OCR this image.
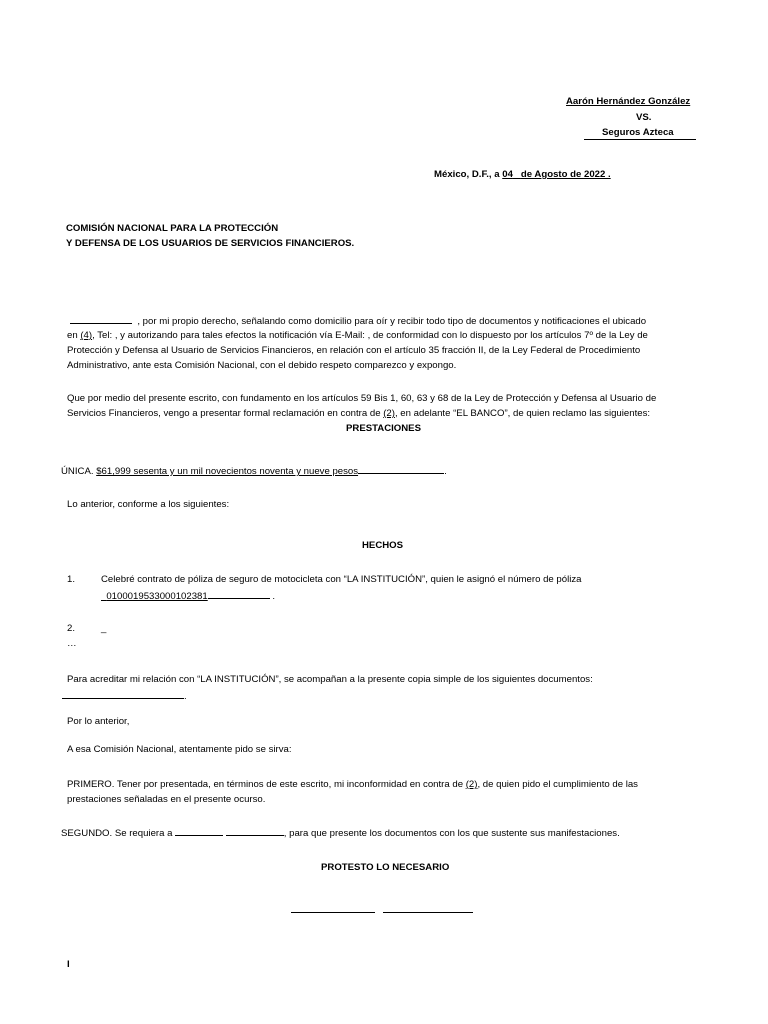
Aarón Hernández González
VS.
Seguros Azteca
México, D.F., a 04 de Agosto de 2022 .
COMISIÓN NACIONAL PARA LA PROTECCIÓN
Y DEFENSA DE LOS USUARIOS DE SERVICIOS FINANCIEROS.
, por mi propio derecho, señalando como domicilio para oír y recibir todo tipo de documentos y notificaciones el ubicado
en (4), Tel: , y autorizando para tales efectos la notificación vía E-Mail: , de conformidad con lo dispuesto por los artículos 7º de la Ley de
Protección y Defensa al Usuario de Servicios Financieros, en relación con el artículo 35 fracción II, de la Ley Federal de Procedimiento
Administrativo, ante esta Comisión Nacional, con el debido respeto comparezco y expongo.
Que por medio del presente escrito, con fundamento en los artículos 59 Bis 1, 60, 63 y 68 de la Ley de Protección y Defensa al Usuario de
Servicios Financieros, vengo a presentar formal reclamación en contra de (2), en adelante “EL BANCO”, de quien reclamo las siguientes:
PRESTACIONES
ÚNICA. $61,999 sesenta y un mil novecientos noventa y nueve pesos	.
Lo anterior, conforme a los siguientes:
HECHOS
1.	Celebré contrato de póliza de seguro de motocicleta con “LA INSTITUCIÓN”, quien le asignó el número de póliza
0100019533000102381	.
2.	_
…
Para acreditar mi relación con “LA INSTITUCIÓN”, se acompañan a la presente copia simple de los siguientes documentos:
.
Por lo anterior,
A esa Comisión Nacional, atentamente pido se sirva:
PRIMERO. Tener por presentada, en términos de este escrito, mi inconformidad en contra de (2), de quien pido el cumplimiento de las
prestaciones señaladas en el presente ocurso.
SEGUNDO. Se requiera a	, para que presente los documentos con los que sustente sus manifestaciones.
PROTESTO LO NECESARIO
I
